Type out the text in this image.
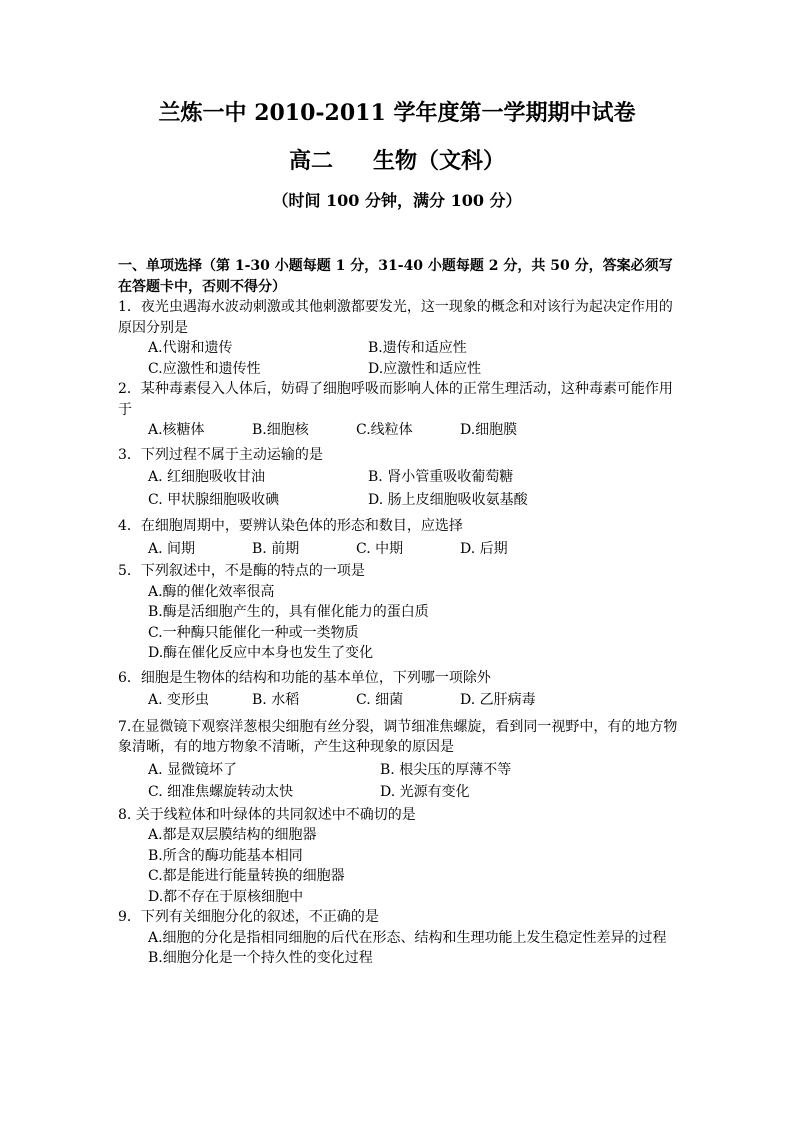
兰炼一中 2010-2011 学年度第一学期期中试卷
高二 生物（文科）
（时间 100 分钟，满分 100 分）

一、单项选择（第 1-30 小题每题 1 分，31-40 小题每题 2 分，共 50 分，答案必须写在答题卡中，否则不得分）

1．夜光虫遇海水波动刺激或其他刺激都要发光，这一现象的概念和对该行为起决定作用的原因分别是

A.代谢和遗传	B.遗传和适应性
C.应激性和遗传性	D.应激性和适应性

2．某种毒素侵入人体后，妨碍了细胞呼吸而影响人体的正常生理活动，这种毒素可能作用于

A.核糖体	B.细胞核	C.线粒体	D.细胞膜

3．下列过程不属于主动运输的是

A. 红细胞吸收甘油	B. 肾小管重吸收葡萄糖
C. 甲状腺细胞吸收碘	D. 肠上皮细胞吸收氨基酸

4．在细胞周期中，要辨认染色体的形态和数目，应选择

A. 间期	B. 前期	C. 中期	D. 后期

5．下列叙述中，不是酶的特点的一项是

A.酶的催化效率很高
B.酶是活细胞产生的，具有催化能力的蛋白质
C.一种酶只能催化一种或一类物质
D.酶在催化反应中本身也发生了变化

6．细胞是生物体的结构和功能的基本单位，下列哪一项除外

A. 变形虫	B. 水稻	C. 细菌	D. 乙肝病毒

7.在显微镜下观察洋葱根尖细胞有丝分裂，调节细准焦螺旋，看到同一视野中，有的地方物象清晰，有的地方物象不清晰，产生这种现象的原因是

A. 显微镜坏了	B. 根尖压的厚薄不等
C. 细准焦螺旋转动太快	D. 光源有变化

8. 关于线粒体和叶绿体的共同叙述中不确切的是

A.都是双层膜结构的细胞器
B.所含的酶功能基本相同
C.都是能进行能量转换的细胞器
D.都不存在于原核细胞中

9．下列有关细胞分化的叙述，不正确的是

A.细胞的分化是指相同细胞的后代在形态、结构和生理功能上发生稳定性差异的过程
B.细胞分化是一个持久性的变化过程
